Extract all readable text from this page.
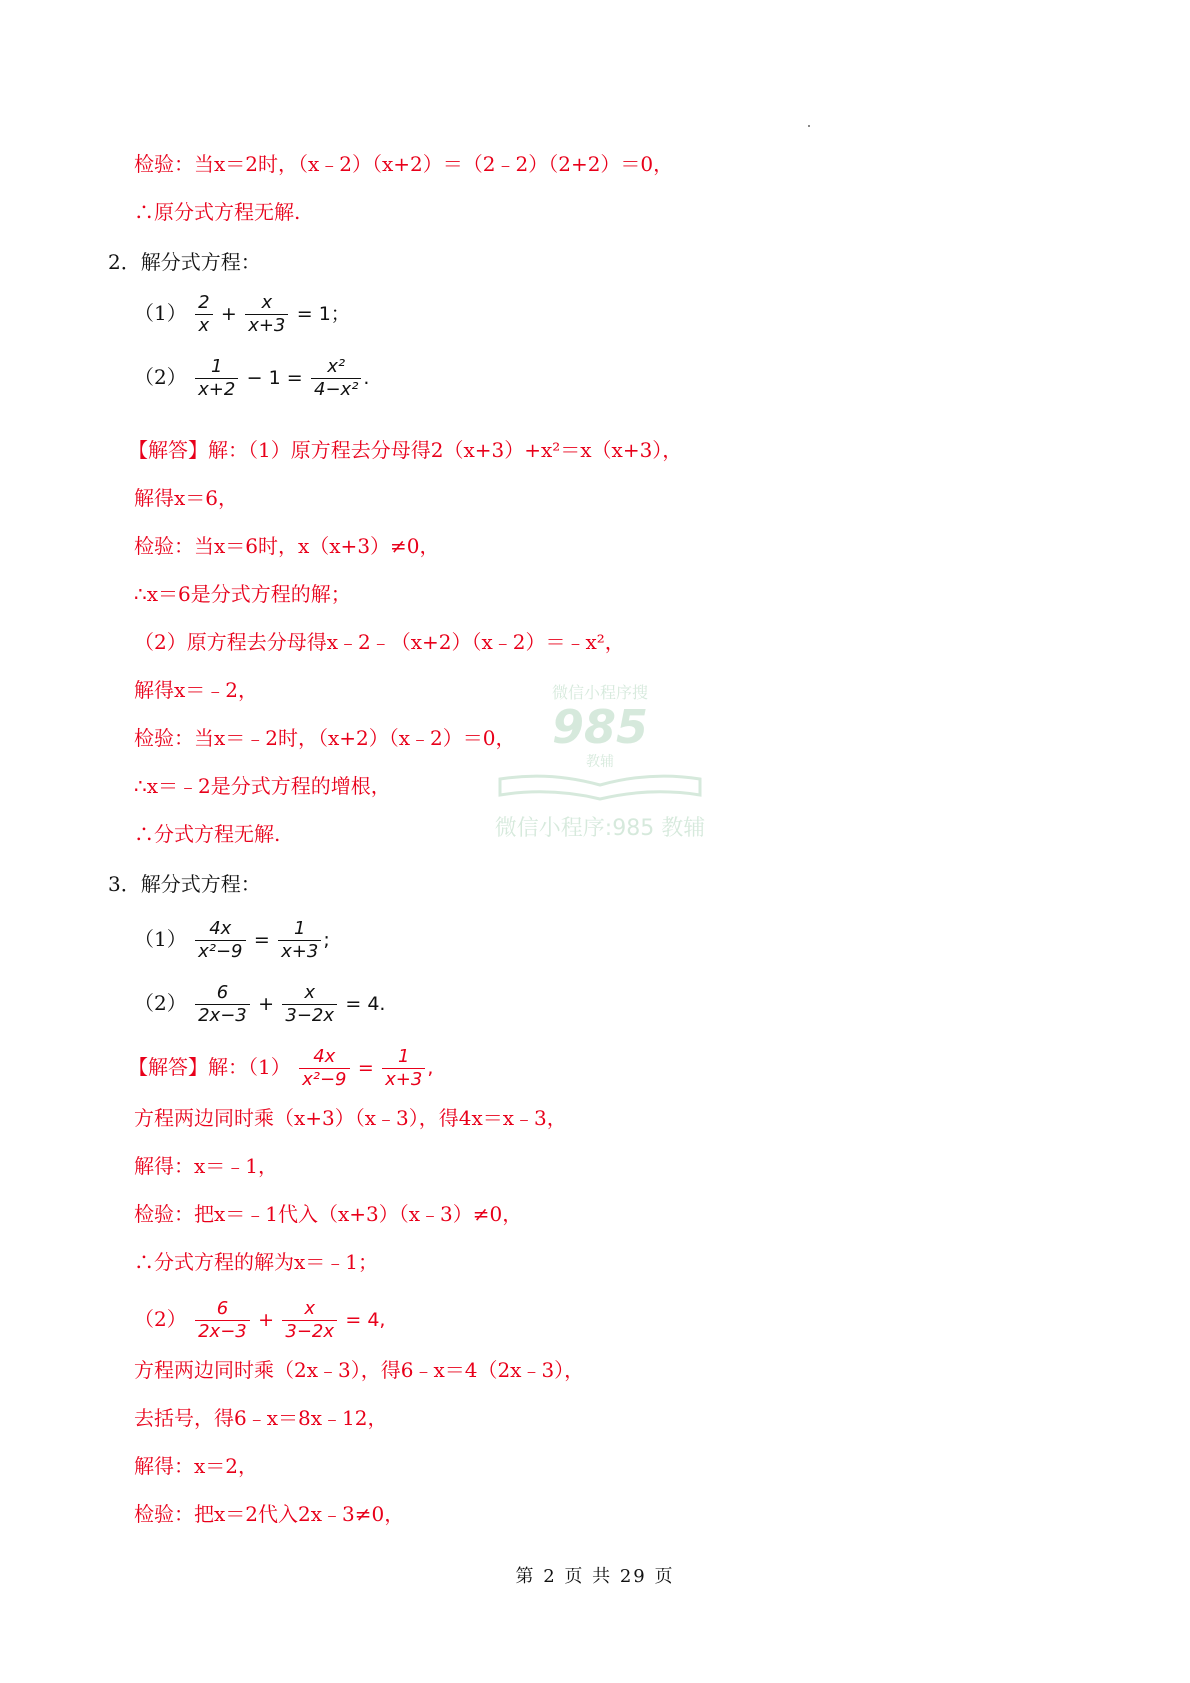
检验：当x＝2时，（x﹣2）（x+2）＝（2﹣2）（2+2）＝0，
∴原分式方程无解.
2．解分式方程：
$(1) \frac{2}{x} + \frac{x}{x+3} = 1$；
$(2) \frac{1}{x+2} - 1 = \frac{\text{x²}}{\text{4−x²}}$ .
【解答】解：（1）原方程去分母得2（x+3）+x²＝x（x+3），
解得x＝6，
检验：当x＝6时，x（x+3）≠0，
∴x＝6是分式方程的解；
（2）原方程去分母得x﹣2﹣（x+2）（x﹣2）＝﹣x²，
解得x＝﹣2，
检验：当x＝﹣2时，（x+2）（x﹣2）＝0，
∴x＝﹣2是分式方程的增根，
∴分式方程无解.
3．解分式方程：
$(1) \frac{4x}{\text{x²−9}} = \frac{1}{x+3}$ ;
$(2) \frac{6}{2x-3} + \frac{x}{3-2x} = 4$.
【解答】解：$(1) \frac{4x}{\text{x²−9}} = \frac{1}{x+3}$ ,
方程两边同时乘（x+3）（x﹣3），得4x＝x﹣3，
解得：x＝﹣1，
检验：把x＝﹣1代入（x+3）（x﹣3）≠0，
∴分式方程的解为x＝﹣1；
$(2) \frac{6}{2x-3} + \frac{x}{3-2x} = 4$,
方程两边同时乘（2x﹣3），得6﹣x＝4（2x﹣3），
去括号，得6﹣x＝8x﹣12，
解得：x＝2，
检验：把x＝2代入2x﹣3≠0，
微信小程序搜
985
教辅
微信小程序:985 教辅
第 2 页 共 29 页
